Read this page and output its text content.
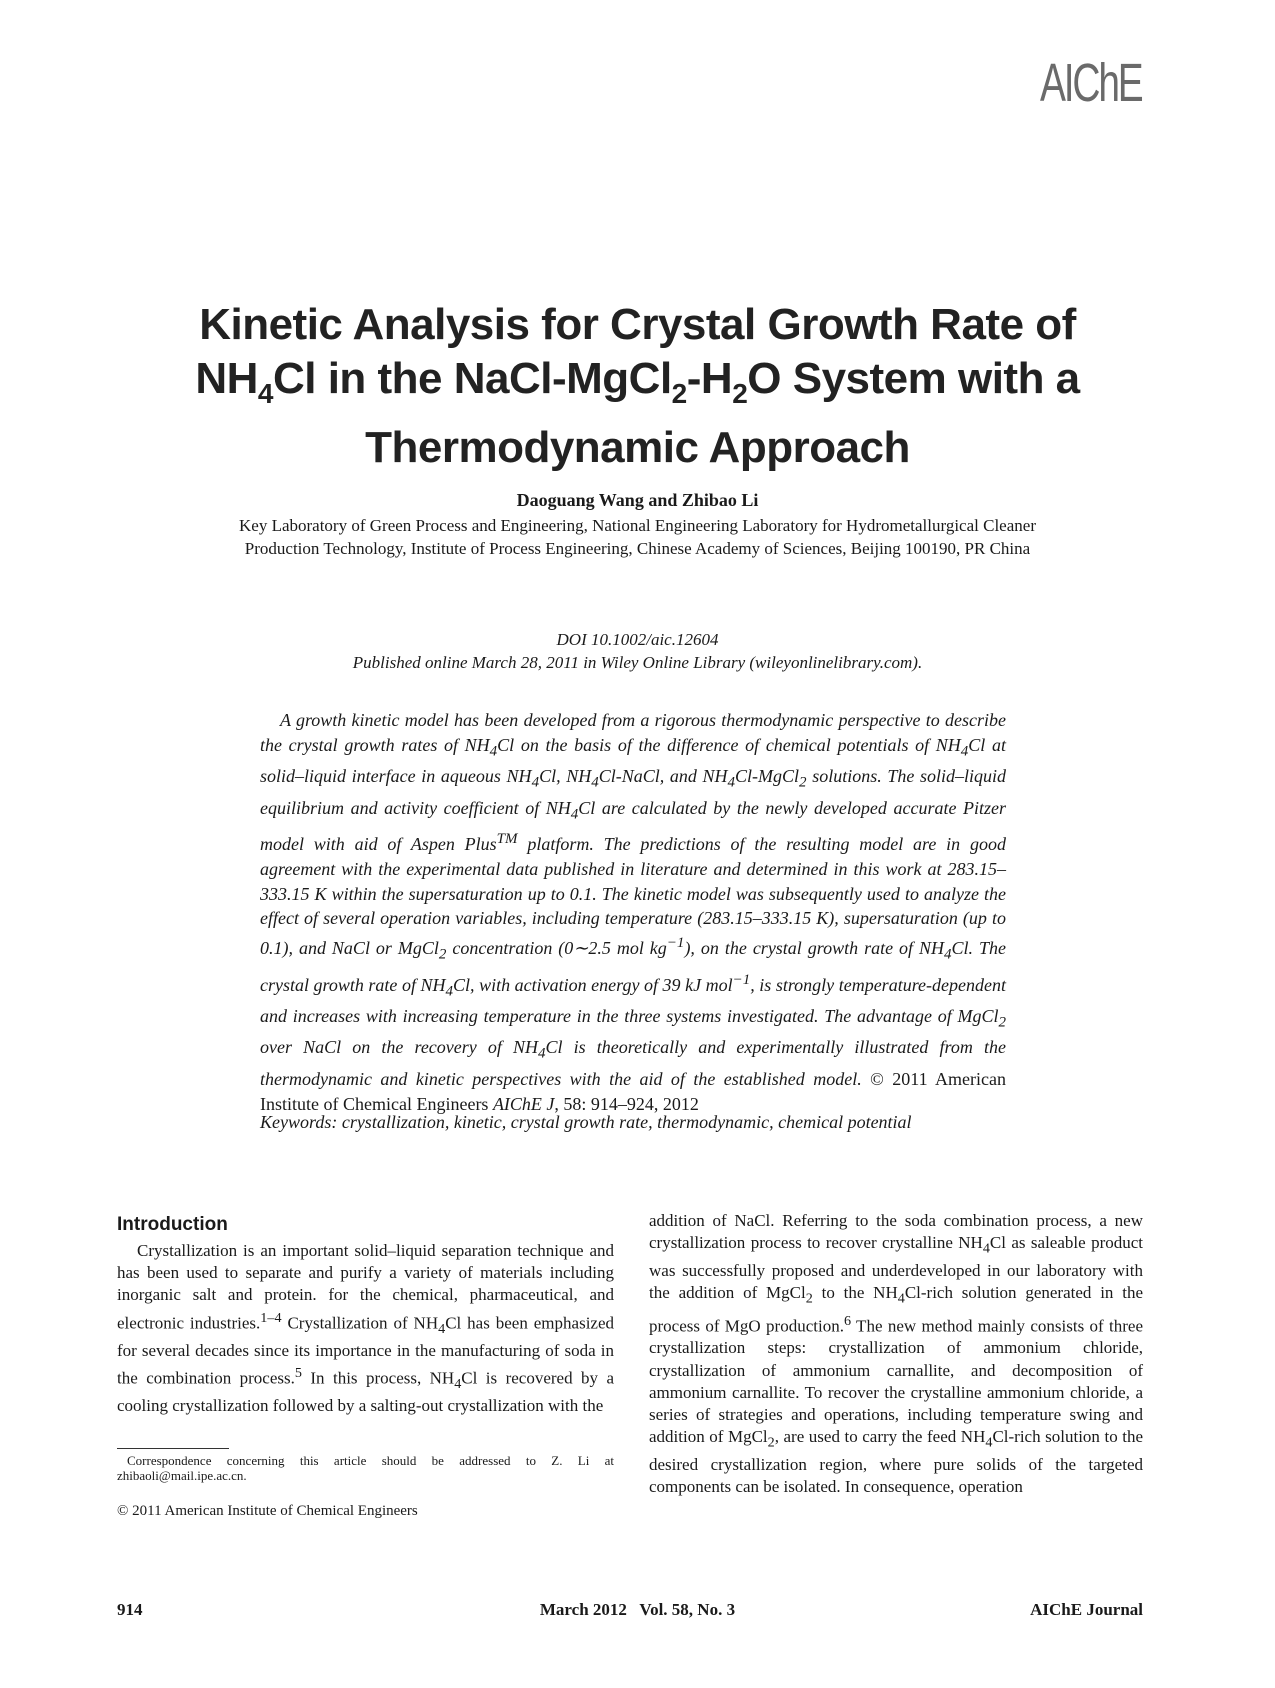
AIChE
Kinetic Analysis for Crystal Growth Rate of
$NH_4Cl$ in the NaCl-$MgCl_2-H_2O$ System with a
Thermodynamic Approach
Daoguang Wang and Zhibao Li
Key Laboratory of Green Process and Engineering, National Engineering Laboratory for Hydrometallurgical Cleaner
Production Technology, Institute of Process Engineering, Chinese Academy of Sciences, Beijing 100190, PR China
DOI 10.1002/aic.12604
Published online March 28, 2011 in Wiley Online Library (wileyonlinelibrary.com).
A growth kinetic model has been developed from a rigorous thermodynamic perspective to describe the crystal growth rates of $NH_4Cl$ on the basis of the difference of chemical potentials of $NH_4Cl$ at solid–liquid interface in aqueous $NH_4Cl$, $NH_4Cl$-NaCl, and $NH_4Cl-MgCl_2$ solutions. The solid–liquid equilibrium and activity coefficient of $NH_4Cl$ are calculated by the newly developed accurate Pitzer model with aid of Aspen Plus™ platform. The predictions of the resulting model are in good agreement with the experimental data published in literature and determined in this work at 283.15–333.15 K within the supersaturation up to 0.1. The kinetic model was subsequently used to analyze the effect of several operation variables, including temperature (283.15–333.15 K), supersaturation (up to 0.1), and NaCl or MgCl$_2$ concentration (0∼2.5 mol $kg^{-1}$), on the crystal growth rate of $NH_4Cl$. The crystal growth rate of $NH_4Cl$, with activation energy of 39 kJ mol$^{-1}$, is strongly temperature-dependent and increases with increasing temperature in the three systems investigated. The advantage of MgCl$_2$ over NaCl on the recovery of $NH_4Cl$ is theoretically and experimentally illustrated from the thermodynamic and kinetic perspectives with the aid of the established model. © 2011 American Institute of Chemical Engineers AIChE J, 58: 914–924, 2012
Keywords: crystallization, kinetic, crystal growth rate, thermodynamic, chemical potential
Introduction
Crystallization is an important solid–liquid separation technique and has been used to separate and purify a variety of materials including inorganic salt and protein. for the chemical, pharmaceutical, and electronic industries.$^{1-4}$ Crystallization of $NH_4Cl$ has been emphasized for several decades since its importance in the manufacturing of soda in the combination process.$^5$ In this process, $NH_4Cl$ is recovered by a cooling crystallization followed by a salting-out crystallization with the
Correspondence concerning this article should be addressed to Z. Li at zhibaoli@mail.ipe.ac.cn.
© 2011 American Institute of Chemical Engineers
914	March 2012   Vol. 58, No. 3	AIChE Journal
addition of NaCl. Referring to the soda combination process, a new crystallization process to recover crystalline $NH_4Cl$ as saleable product was successfully proposed and underdeveloped in our laboratory with the addition of MgCl$_2$ to the $NH_4Cl$-rich solution generated in the process of MgO production.$^6$ The new method mainly consists of three crystallization steps: crystallization of ammonium chloride, crystallization of ammonium carnallite, and decomposition of ammonium carnallite. To recover the crystalline ammonium chloride, a series of strategies and operations, including temperature swing and addition of MgCl$_2$, are used to carry the feed $NH_4Cl$-rich solution to the desired crystallization region, where pure solids of the targeted components can be isolated. In consequence, operation
